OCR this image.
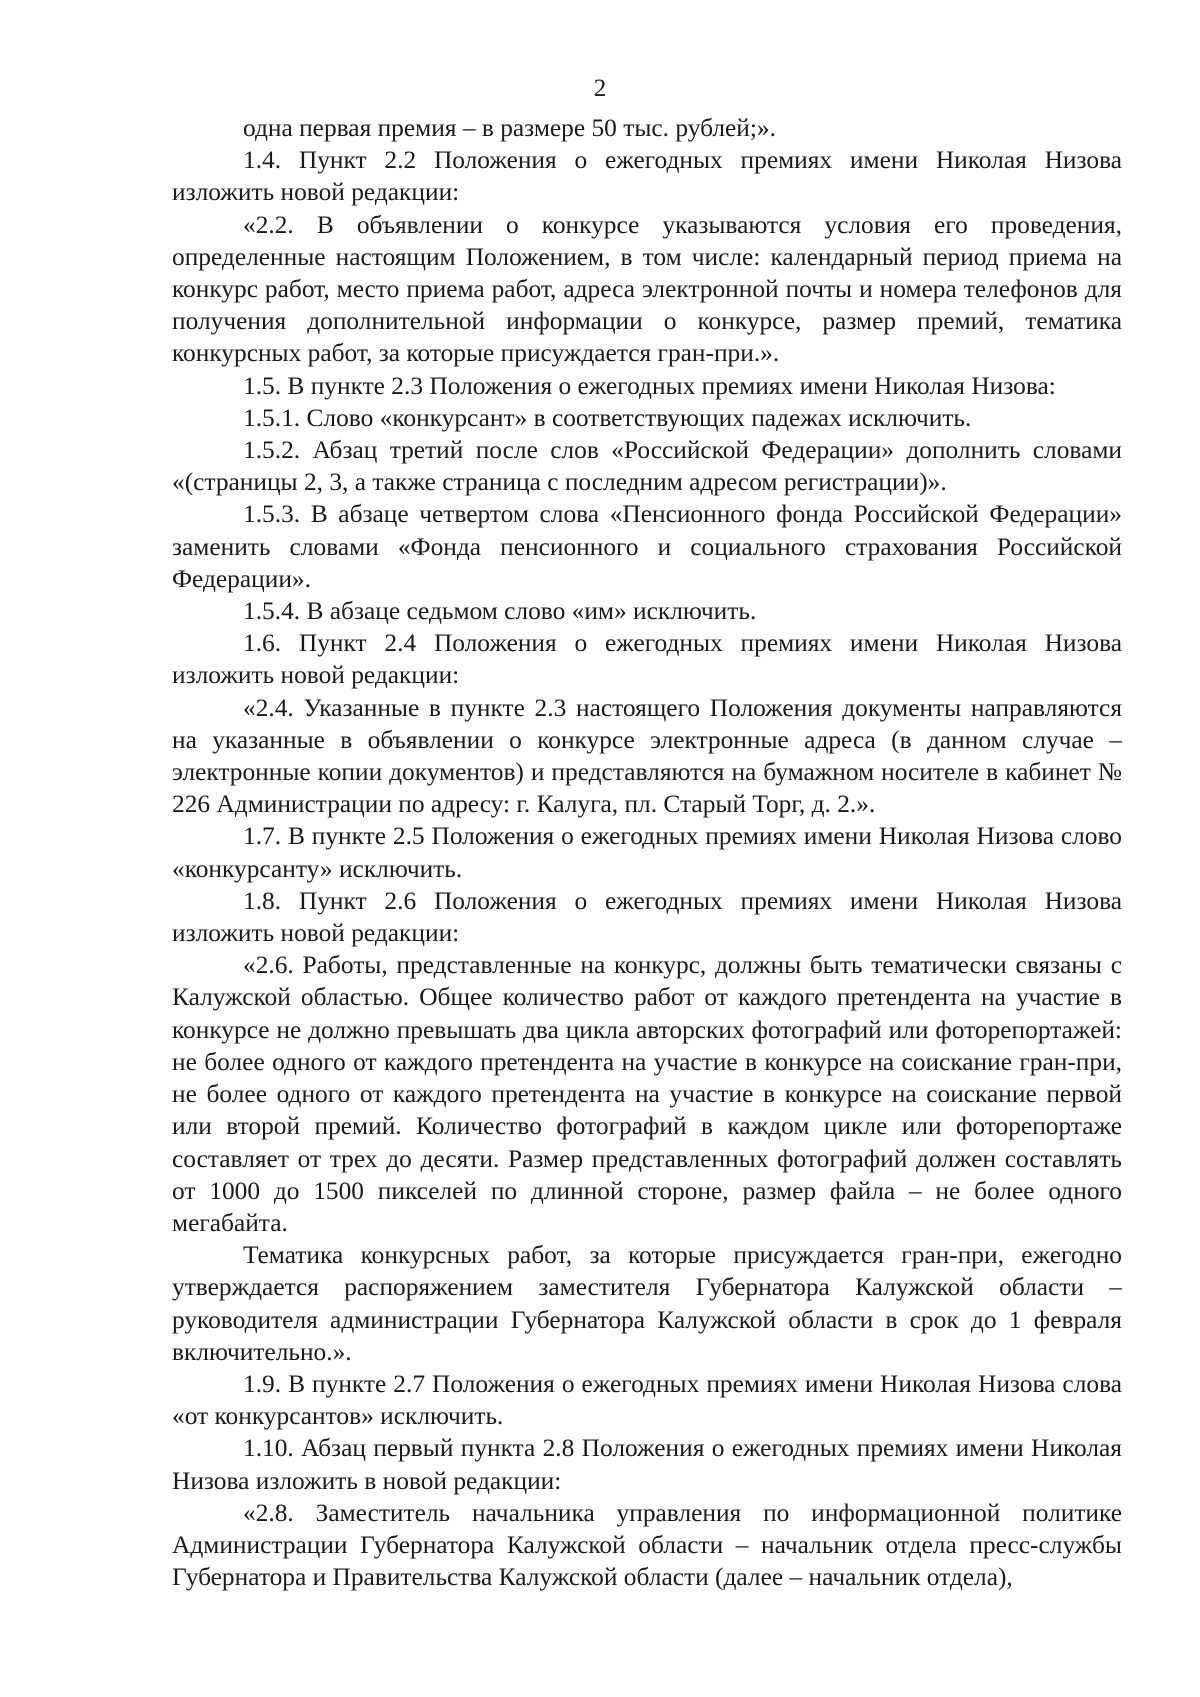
2

одна первая премия – в размере 50 тыс. рублей;».

1.4. Пункт 2.2 Положения о ежегодных премиях имени Николая Низова изложить новой редакции:

«2.2. В объявлении о конкурсе указываются условия его проведения, определенные настоящим Положением, в том числе: календарный период приема на конкурс работ, место приема работ, адреса электронной почты и номера телефонов для получения дополнительной информации о конкурсе, размер премий, тематика конкурсных работ, за которые присуждается гран-при.».

1.5. В пункте 2.3 Положения о ежегодных премиях имени Николая Низова:

1.5.1. Слово «конкурсант» в соответствующих падежах исключить.

1.5.2. Абзац третий после слов «Российской Федерации» дополнить словами «(страницы 2, 3, а также страница с последним адресом регистрации)».

1.5.3. В абзаце четвертом слова «Пенсионного фонда Российской Федерации» заменить словами «Фонда пенсионного и социального страхования Российской Федерации».

1.5.4. В абзаце седьмом слово «им» исключить.

1.6. Пункт 2.4 Положения о ежегодных премиях имени Николая Низова изложить новой редакции:

«2.4. Указанные в пункте 2.3 настоящего Положения документы направляются на указанные в объявлении о конкурсе электронные адреса (в данном случае – электронные копии документов) и представляются на бумажном носителе в кабинет № 226 Администрации по адресу: г. Калуга, пл. Старый Торг, д. 2.».

1.7. В пункте 2.5 Положения о ежегодных премиях имени Николая Низова слово «конкурсанту» исключить.

1.8. Пункт 2.6 Положения о ежегодных премиях имени Николая Низова изложить новой редакции:

«2.6. Работы, представленные на конкурс, должны быть тематически связаны с Калужской областью. Общее количество работ от каждого претендента на участие в конкурсе не должно превышать два цикла авторских фотографий или фоторепортажей: не более одного от каждого претендента на участие в конкурсе на соискание гран-при, не более одного от каждого претендента на участие в конкурсе на соискание первой или второй премий. Количество фотографий в каждом цикле или фоторепортаже составляет от трех до десяти. Размер представленных фотографий должен составлять от 1000 до 1500 пикселей по длинной стороне, размер файла – не более одного мегабайта.

Тематика конкурсных работ, за которые присуждается гран-при, ежегодно утверждается распоряжением заместителя Губернатора Калужской области – руководителя администрации Губернатора Калужской области в срок до 1 февраля включительно.».

1.9. В пункте 2.7 Положения о ежегодных премиях имени Николая Низова слова «от конкурсантов» исключить.

1.10. Абзац первый пункта 2.8 Положения о ежегодных премиях имени Николая Низова изложить в новой редакции:

«2.8. Заместитель начальника управления по информационной политике Администрации Губернатора Калужской области – начальник отдела пресс-службы Губернатора и Правительства Калужской области (далее – начальник отдела),
